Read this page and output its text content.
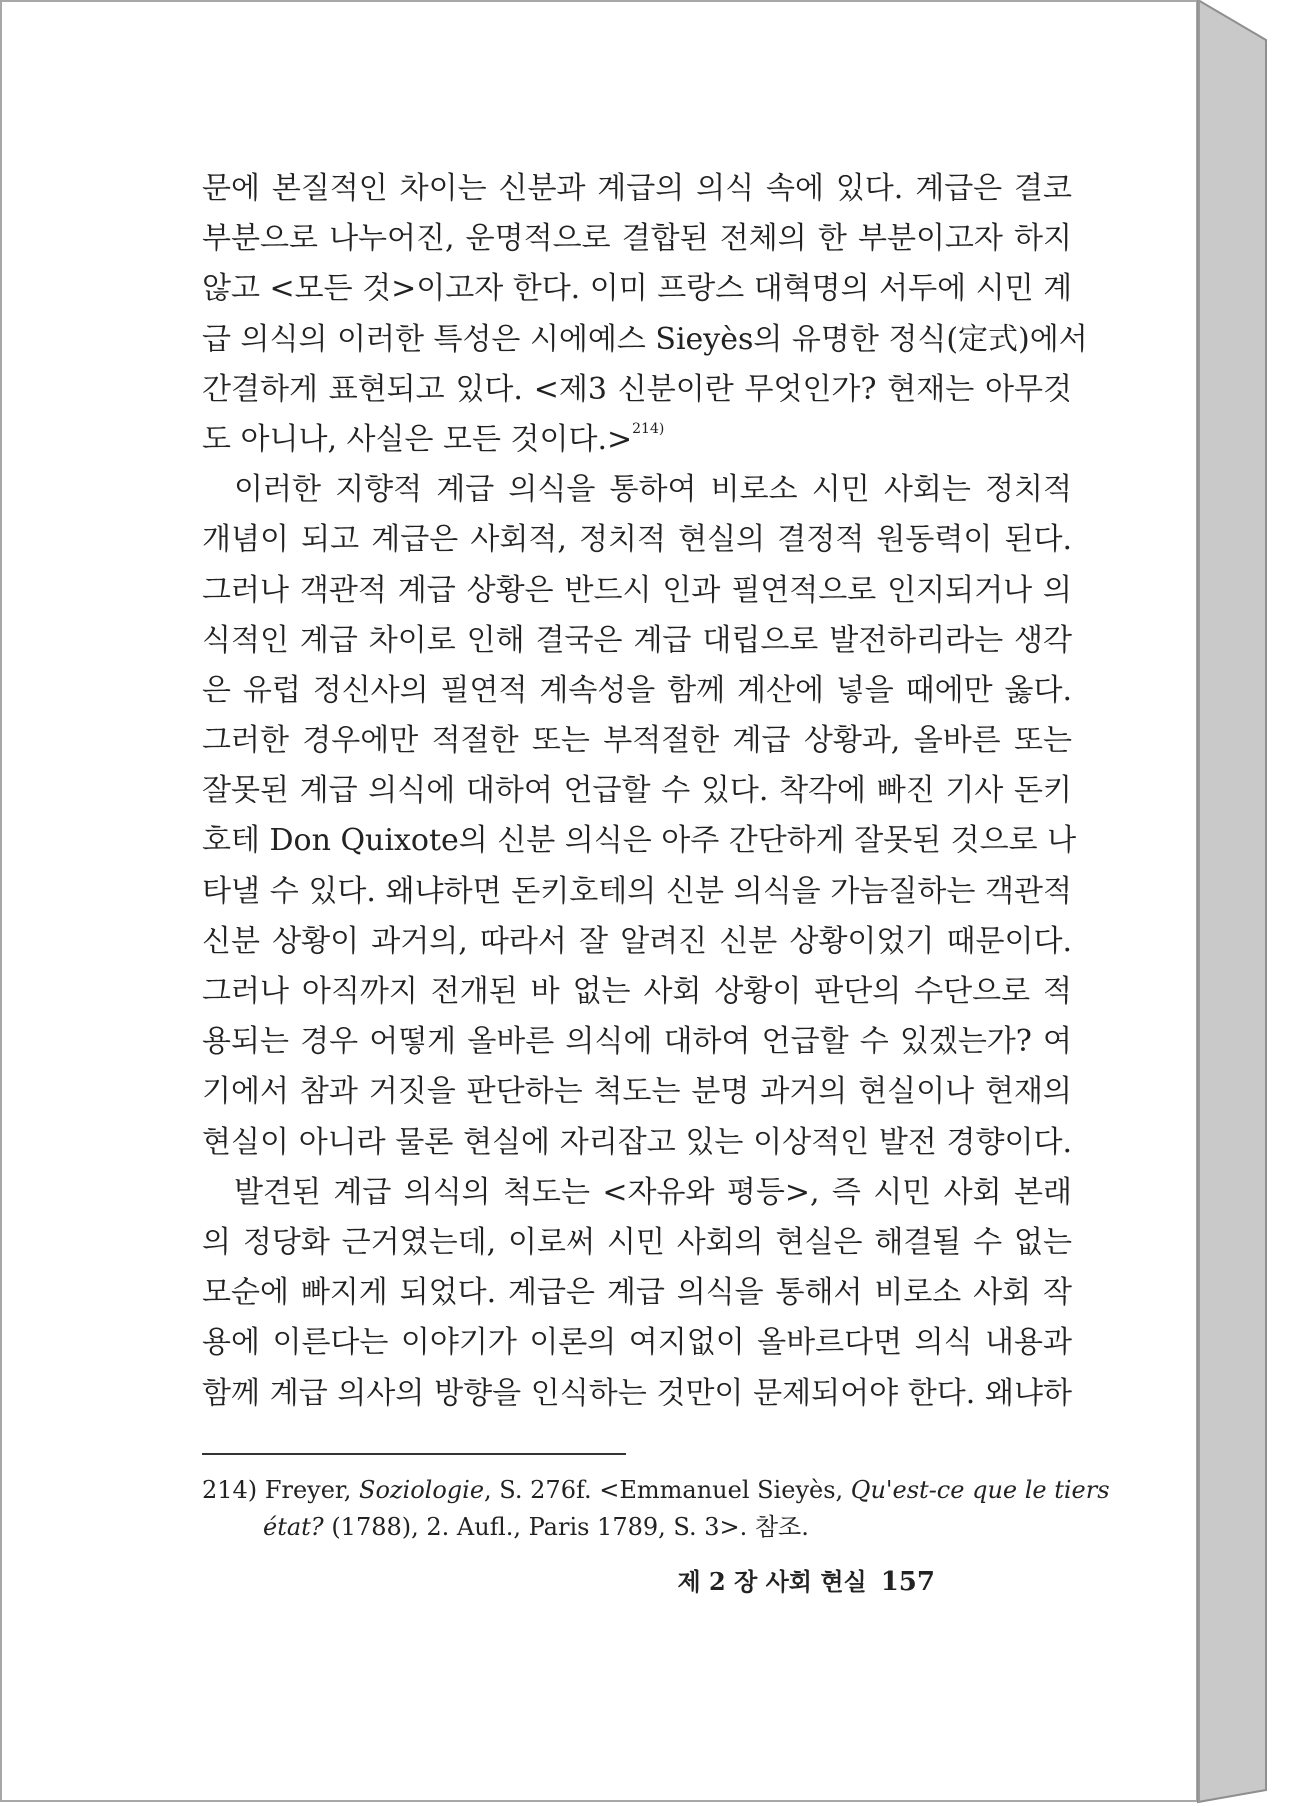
문에 본질적인 차이는 신분과 계급의 의식 속에 있다. 계급은 결코
부분으로 나누어진, 운명적으로 결합된 전체의 한 부분이고자 하지
않고 <모든 것>이고자 한다. 이미 프랑스 대혁명의 서두에 시민 계
급 의식의 이러한 특성은 시에예스 Sieyès의 유명한 정식(定式)에서
간결하게 표현되고 있다. <제3 신분이란 무엇인가? 현재는 아무것
도 아니나, 사실은 모든 것이다.>$^{214)}$
이러한 지향적 계급 의식을 통하여 비로소 시민 사회는 정치적
개념이 되고 계급은 사회적, 정치적 현실의 결정적 원동력이 된다.
그러나 객관적 계급 상황은 반드시 인과 필연적으로 인지되거나 의
식적인 계급 차이로 인해 결국은 계급 대립으로 발전하리라는 생각
은 유럽 정신사의 필연적 계속성을 함께 계산에 넣을 때에만 옳다.
그러한 경우에만 적절한 또는 부적절한 계급 상황과, 올바른 또는
잘못된 계급 의식에 대하여 언급할 수 있다. 착각에 빠진 기사 돈키
호테 Don Quixote의 신분 의식은 아주 간단하게 잘못된 것으로 나
타낼 수 있다. 왜냐하면 돈키호테의 신분 의식을 가늠질하는 객관적
신분 상황이 과거의, 따라서 잘 알려진 신분 상황이었기 때문이다.
그러나 아직까지 전개된 바 없는 사회 상황이 판단의 수단으로 적
용되는 경우 어떻게 올바른 의식에 대하여 언급할 수 있겠는가? 여
기에서 참과 거짓을 판단하는 척도는 분명 과거의 현실이나 현재의
현실이 아니라 물론 현실에 자리잡고 있는 이상적인 발전 경향이다.
발견된 계급 의식의 척도는 <자유와 평등>, 즉 시민 사회 본래
의 정당화 근거였는데, 이로써 시민 사회의 현실은 해결될 수 없는
모순에 빠지게 되었다. 계급은 계급 의식을 통해서 비로소 사회 작
용에 이른다는 이야기가 이론의 여지없이 올바르다면 의식 내용과
함께 계급 의사의 방향을 인식하는 것만이 문제되어야 한다. 왜냐하
214) Freyer, Soziologie, S. 276f. <Emmanuel Sieyès, Qu'est-ce que le tiers
état? (1788), 2. Aufl., Paris 1789, S. 3>. 참조.
제 2 장 사회 현실 157
